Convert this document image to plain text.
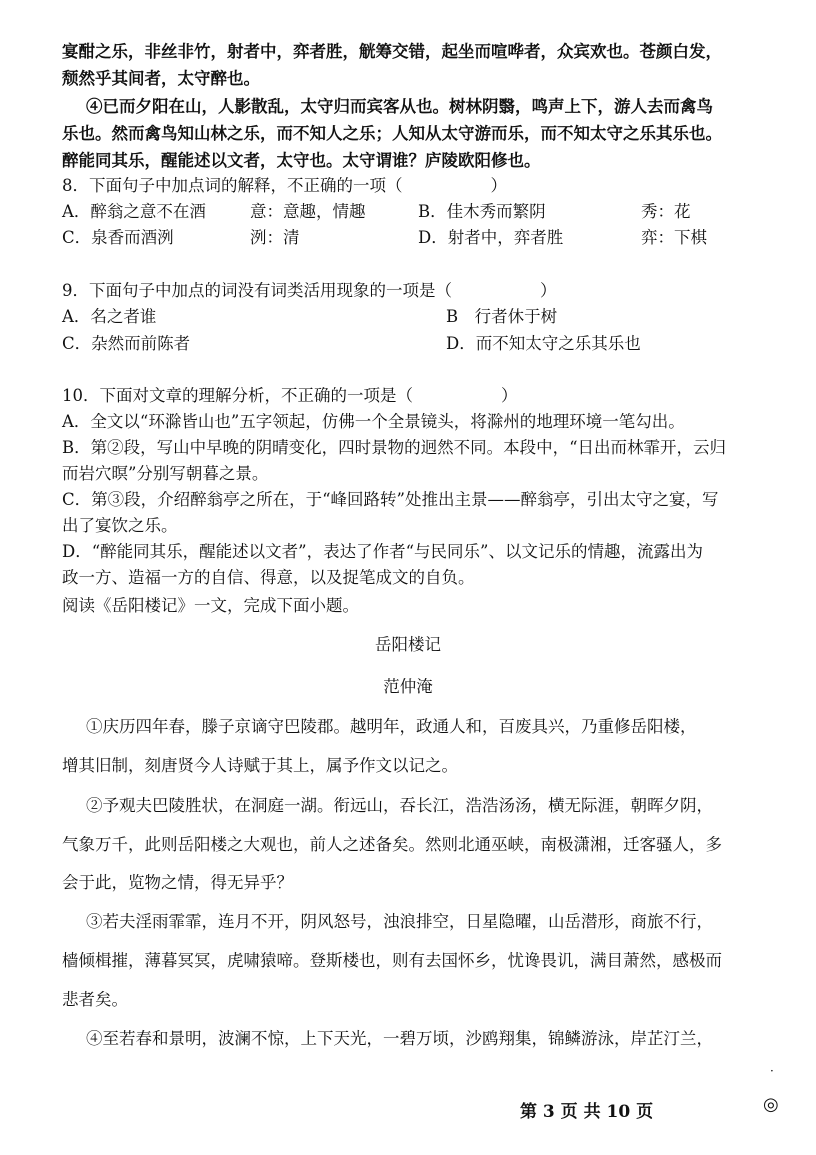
宴酣之乐，非丝非竹，射者中，弈者胜，觥筹交错，起坐而喧哗者，众宾欢也。苍颜白发，
颓然乎其间者，太守醉也。
④已而夕阳在山，人影散乱，太守归而宾客从也。树林阴翳，鸣声上下，游人去而禽鸟
乐也。然而禽鸟知山林之乐，而不知人之乐；人知从太守游而乐，而不知太守之乐其乐也。
醉能同其乐，醒能述以文者，太守也。太守谓谁？庐陵欧阳修也。
8．下面句子中加点词的解释，不正确的一项（	）
A．醉翁之意不在酒	意：意趣，情趣	B．佳木秀而繁阴	秀：花
C．泉香而酒洌	洌：清	D．射者中，弈者胜	弈：下棋
9．下面句子中加点的词没有词类活用现象的一项是（	）
A．名之者谁	B　行者休于树
C．杂然而前陈者	D．而不知太守之乐其乐也
10．下面对文章的理解分析，不正确的一项是（	）
A．全文以“环滁皆山也”五字领起，仿佛一个全景镜头，将滁州的地理环境一笔勾出。
B．第②段，写山中早晚的阴晴变化，四时景物的迥然不同。本段中，“日出而林霏开，云归
而岩穴暝”分别写朝暮之景。
C．第③段，介绍醉翁亭之所在，于“峰回路转”处推出主景——醉翁亭，引出太守之宴，写
出了宴饮之乐。
D．“醉能同其乐，醒能述以文者”，表达了作者“与民同乐”、以文记乐的情趣，流露出为
政一方、造福一方的自信、得意，以及捉笔成文的自负。
阅读《岳阳楼记》一文，完成下面小题。
岳阳楼记
范仲淹
①庆历四年春，滕子京谪守巴陵郡。越明年，政通人和，百废具兴，乃重修岳阳楼，
增其旧制，刻唐贤今人诗赋于其上，属予作文以记之。
②予观夫巴陵胜状，在洞庭一湖。衔远山，吞长江，浩浩汤汤，横无际涯，朝晖夕阴，
气象万千，此则岳阳楼之大观也，前人之述备矣。然则北通巫峡，南极潇湘，迁客骚人，多
会于此，览物之情，得无异乎？
③若夫淫雨霏霏，连月不开，阴风怒号，浊浪排空，日星隐曜，山岳潜形，商旅不行，
樯倾楫摧，薄暮冥冥，虎啸猿啼。登斯楼也，则有去国怀乡，忧谗畏讥，满目萧然，感极而
悲者矣。
④至若春和景明，波澜不惊，上下天光，一碧万顷，沙鸥翔集，锦鳞游泳，岸芷汀兰，
·
第 3 页 共 10 页	◎
